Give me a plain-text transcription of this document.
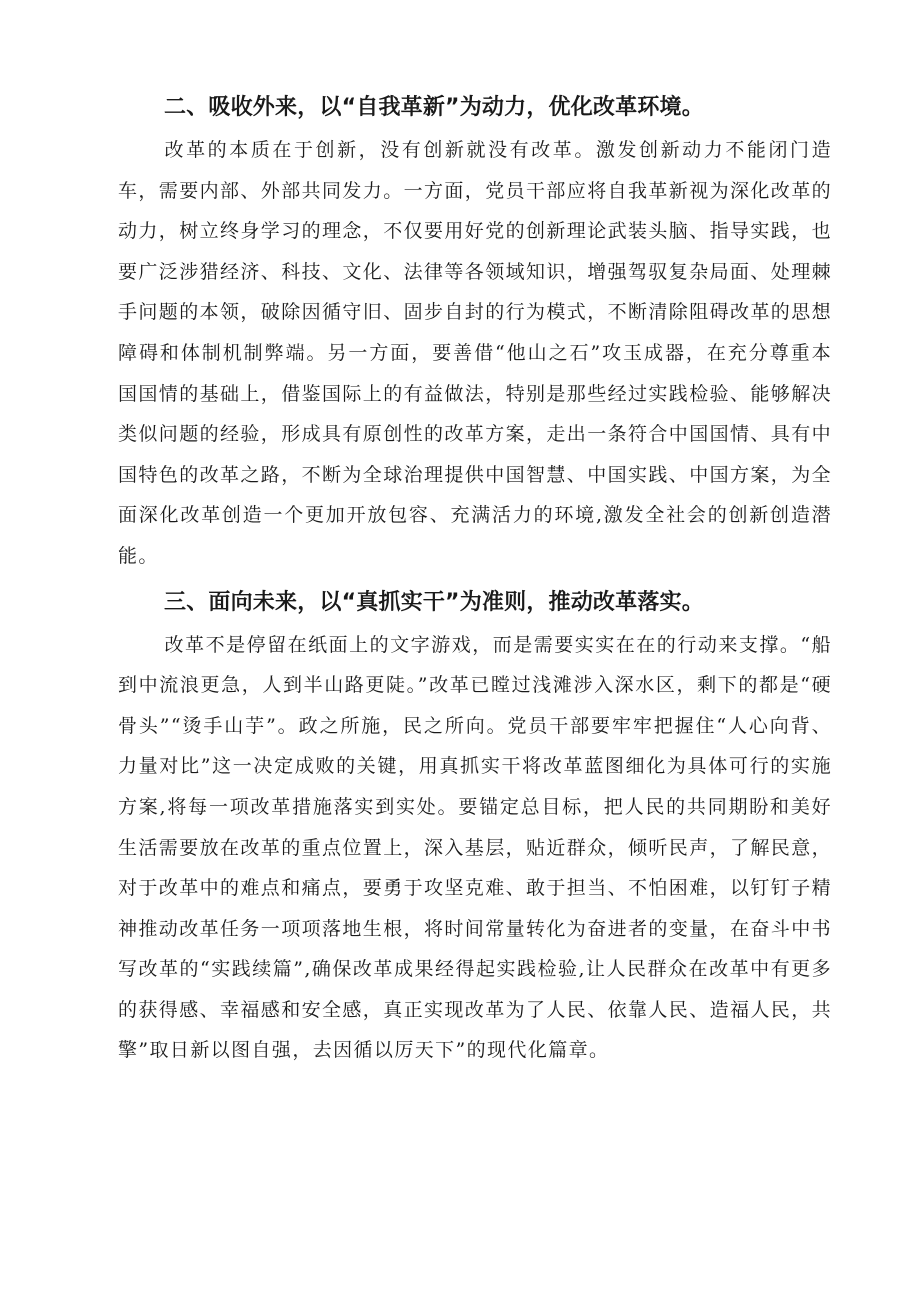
二、吸收外来，以“自我革新”为动力，优化改革环境。

改革的本质在于创新，没有创新就没有改革。激发创新动力不能闭门造车，需要内部、外部共同发力。一方面，党员干部应将自我革新视为深化改革的动力，树立终身学习的理念，不仅要用好党的创新理论武装头脑、指导实践，也要广泛涉猎经济、科技、文化、法律等各领域知识，增强驾驭复杂局面、处理棘手问题的本领，破除因循守旧、固步自封的行为模式，不断清除阻碍改革的思想障碍和体制机制弊端。另一方面，要善借“他山之石”攻玉成器，在充分尊重本国国情的基础上，借鉴国际上的有益做法，特别是那些经过实践检验、能够解决类似问题的经验，形成具有原创性的改革方案，走出一条符合中国国情、具有中国特色的改革之路，不断为全球治理提供中国智慧、中国实践、中国方案，为全面深化改革创造一个更加开放包容、充满活力的环境,激发全社会的创新创造潜能。

三、面向未来，以“真抓实干”为准则，推动改革落实。

改革不是停留在纸面上的文字游戏，而是需要实实在在的行动来支撑。“船到中流浪更急，人到半山路更陡。”改革已瞠过浅滩涉入深水区，剩下的都是“硬骨头”“烫手山芋”。政之所施，民之所向。党员干部要牢牢把握住“人心向背、力量对比”这一决定成败的关键，用真抓实干将改革蓝图细化为具体可行的实施方案,将每一项改革措施落实到实处。要锚定总目标，把人民的共同期盼和美好生活需要放在改革的重点位置上，深入基层，贴近群众，倾听民声，了解民意，对于改革中的难点和痛点，要勇于攻坚克难、敢于担当、不怕困难，以钉钉子精神推动改革任务一项项落地生根，将时间常量转化为奋进者的变量，在奋斗中书写改革的“实践续篇”,确保改革成果经得起实践检验,让人民群众在改革中有更多的获得感、幸福感和安全感，真正实现改革为了人民、依靠人民、造福人民，共擎”取日新以图自强，去因循以厉天下”的现代化篇章。
